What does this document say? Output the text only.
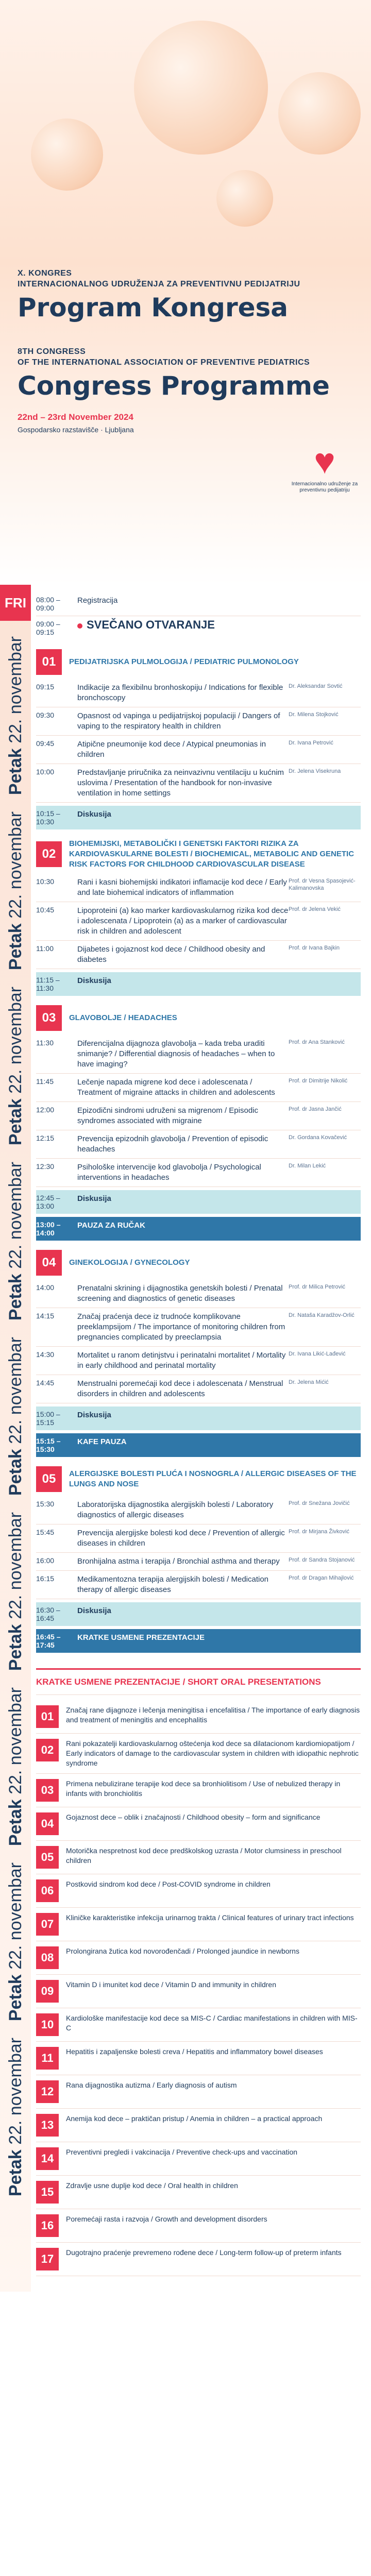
X. KONGRES
INTERNACIONALNOG UDRUŽENJA ZA PREVENTIVNU PEDIJATRIJU
Program Kongresa
8TH CONGRESS
OF THE INTERNATIONAL ASSOCIATION OF PREVENTIVE PEDIATRICS
Congress Programme
22nd – 23rd November 2024
Gospodarsko razstavišče · Ljubljana
♥
Internacionalno udruženje za preventivnu pedijatriju
FRI
Petak 22. novembar
Petak 22. novembar
Petak 22. novembar
Petak 22. novembar
Petak 22. novembar
Petak 22. novembar
Petak 22. novembar
Petak 22. novembar
Petak 22. novembar
08:00 – 09:00
Registracija
09:00 – 09:15
SVEČANO OTVARANJE
01	PEDIJATRIJSKA PULMOLOGIJA / PEDIATRIC PULMONOLOGY
09:15	Indikacije za flexibilnu bronhoskopiju / Indications for flexible bronchoscopy
Dr. Aleksandar Sovtić
09:30	Opasnost od vapinga u pedijatrijskoj populaciji / Dangers of vaping to the respiratory health in children
Dr. Milena Stojković
09:45	Atipične pneumonije kod dece / Atypical pneumonias in children
Dr. Ivana Petrović
10:00	Predstavljanje priručnika za neinvazivnu ventilaciju u kućnim uslovima / Presentation of the handbook for non-invasive ventilation in home settings
Dr. Jelena Visekruna
10:15 – 10:30
Diskusija
02
BIOHEMIJSKI, METABOLIČKI I GENETSKI FAKTORI RIZIKA ZA KARDIOVASKULARNE BOLESTI / BIOCHEMICAL, METABOLIC AND GENETIC RISK FACTORS FOR CHILDHOOD CARDIOVASCULAR DISEASE
10:30	Rani i kasni biohemijski indikatori inflamacije kod dece / Early and late biohemical indicators of inflammation
Prof. dr Vesna Spasojević-Kalimanovska
10:45	Lipoproteini (a) kao marker kardiovaskularnog rizika kod dece i adolescenata / Lipoprotein (a) as a marker of cardiovascular risk in children and adolescent
Prof. dr Jelena Vekić
11:00	Dijabetes i gojaznost kod dece / Childhood obesity and diabetes
Prof. dr Ivana Bajkin
11:15 – 11:30
Diskusija
03	GLAVOBOLJE / HEADACHES
11:30	Diferencijalna dijagnoza glavobolja – kada treba uraditi snimanje? / Differential diagnosis of headaches – when to have imaging?
Prof. dr Ana Stanković
11:45	Lečenje napada migrene kod dece i adolescenata / Treatment of migraine attacks in children and adolescents
Prof. dr Dimitrije Nikolić
12:00	Epizodični sindromi udruženi sa migrenom / Episodic syndromes associated with migraine
Prof. dr Jasna Jančić
12:15	Prevencija epizodnih glavobolja / Prevention of episodic headaches
Dr. Gordana Kovačević
12:30	Psihološke intervencije kod glavobolja / Psychological interventions in headaches
Dr. Milan Lekić
12:45 – 13:00
Diskusija
13:00 – 14:00
PAUZA ZA RUČAK
04	GINEKOLOGIJA / GYNECOLOGY
14:00	Prenatalni skrining i dijagnostika genetskih bolesti / Prenatal screening and diagnostics of genetic diseases
Prof. dr Milica Petrović
14:15	Značaj praćenja dece iz trudnoće komplikovane preeklampsijom / The importance of monitoring children from pregnancies complicated by preeclampsia
Dr. Nataša Karadžov-Orlić
14:30	Mortalitet u ranom detinjstvu i perinatalni mortalitet / Mortality in early childhood and perinatal mortality
Dr. Ivana Likić-Lađević
14:45	Menstrualni poremećaji kod dece i adolescenata / Menstrual disorders in children and adolescents
Dr. Jelena Mićić
15:00 – 15:15
Diskusija
15:15 – 15:30
KAFE PAUZA
05	ALERGIJSKE BOLESTI PLUĆA I NOSNOGRLA / ALLERGIC DISEASES OF THE LUNGS AND NOSE
15:30	Laboratorijska dijagnostika alergijskih bolesti / Laboratory diagnostics of allergic diseases
Prof. dr Snežana Jovičić
15:45	Prevencija alergijske bolesti kod dece / Prevention of allergic diseases in children
Prof. dr Mirjana Živković
16:00	Bronhijalna astma i terapija / Bronchial asthma and therapy	Prof. dr Sandra Stojanović
16:15	Medikamentozna terapija alergijskih bolesti / Medication therapy of allergic diseases
Prof. dr Dragan Mihajlović
16:30 – 16:45
Diskusija
16:45 – 17:45
KRATKE USMENE PREZENTACIJE
KRATKE USMENE PREZENTACIJE / SHORT ORAL PRESENTATIONS
01	Značaj rane dijagnoze i lečenja meningitisa i encefalitisa / The importance of early diagnosis and treatment of meningitis and encephalitis
02	Rani pokazatelji kardiovaskularnog oštećenja kod dece sa dilatacionom kardiomiopatijom / Early indicators of damage to the cardiovascular system in children with idiopathic nephrotic syndrome
03	Primena nebulizirane terapije kod dece sa bronhiolitisom / Use of nebulized therapy in infants with bronchiolitis
04	Gojaznost dece – oblik i značajnosti / Childhood obesity – form and significance
05	Motorička nespretnost kod dece predškolskog uzrasta / Motor clumsiness in preschool children
06	Postkovid sindrom kod dece / Post-COVID syndrome in children
07	Kliničke karakteristike infekcija urinarnog trakta / Clinical features of urinary tract infections
08	Prolongirana žutica kod novorođenčadi / Prolonged jaundice in newborns
09	Vitamin D i imunitet kod dece / Vitamin D and immunity in children
10	Kardiološke manifestacije kod dece sa MIS-C / Cardiac manifestations in children with MIS-C
11	Hepatitis i zapaljenske bolesti creva / Hepatitis and inflammatory bowel diseases
12	Rana dijagnostika autizma / Early diagnosis of autism
13	Anemija kod dece – praktičan pristup / Anemia in children – a practical approach
14	Preventivni pregledi i vakcinacija / Preventive check-ups and vaccination
15	Zdravlje usne duplje kod dece / Oral health in children
16	Poremećaji rasta i razvoja / Growth and development disorders
17	Dugotrajno praćenje prevremeno rođene dece / Long-term follow-up of preterm infants
